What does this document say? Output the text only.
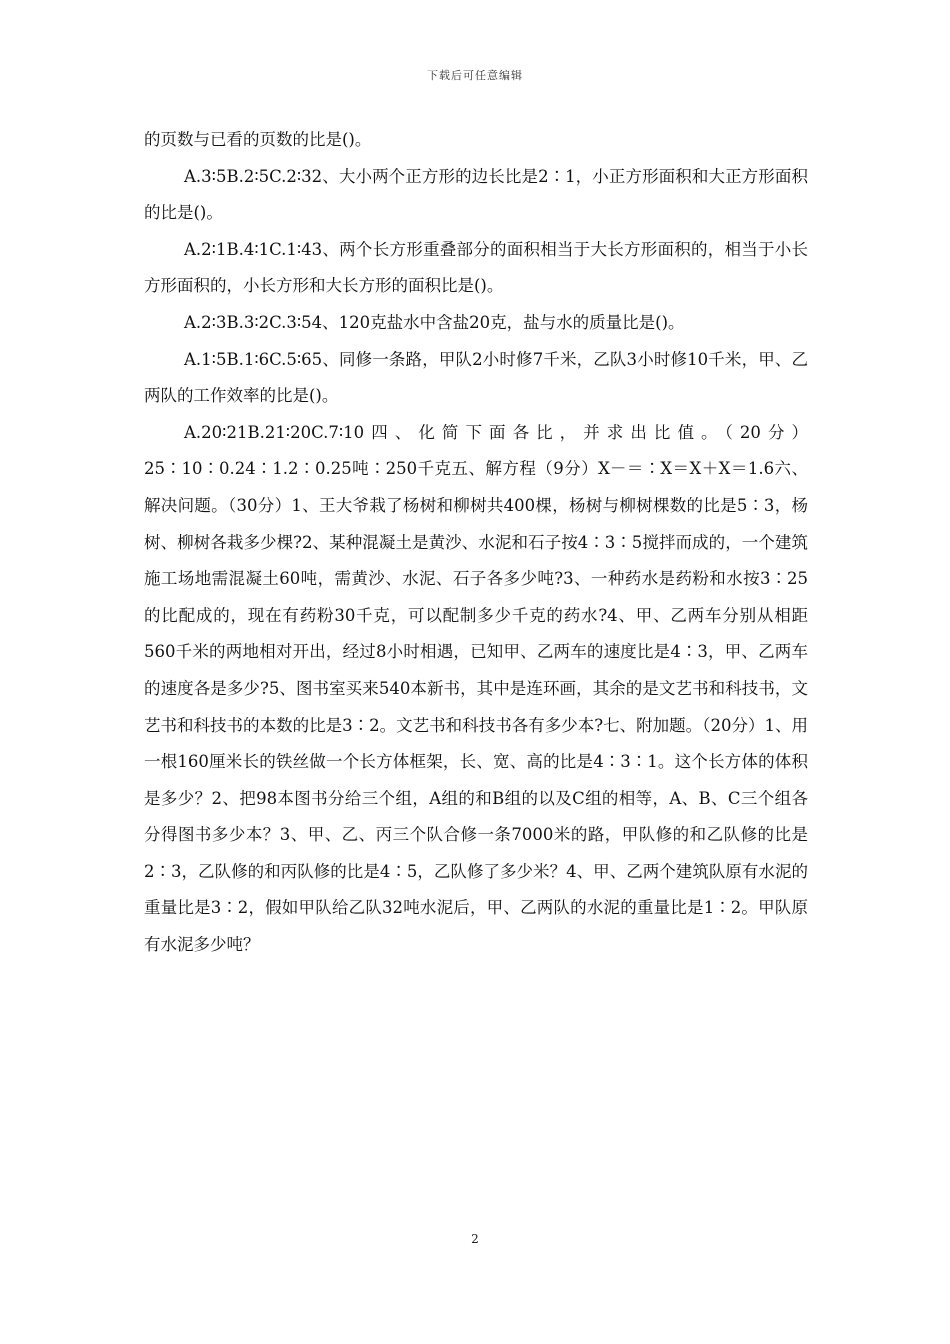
下载后可任意编辑

的页数与已看的页数的比是()。

A.3∶5B.2∶5C.2∶32、大小两个正方形的边长比是2∶1，小正方形面积和大正方形面积的比是()。

A.2∶1B.4∶1C.1∶43、两个长方形重叠部分的面积相当于大长方形面积的，相当于小长方形面积的，小长方形和大长方形的面积比是()。

A.2∶3B.3∶2C.3∶54、120克盐水中含盐20克，盐与水的质量比是()。

A.1∶5B.1∶6C.5∶65、同修一条路，甲队2小时修7千米，乙队3小时修10千米，甲、乙两队的工作效率的比是()。

A.20∶21B.21∶20C.7∶10四、化简下面各比，并求出比值。（20分）25∶10∶0.24∶1.2∶0.25吨∶250千克五、解方程（9分）X－＝∶X＝X＋X＝1.6六、解决问题。（30分）1、王大爷栽了杨树和柳树共400棵，杨树与柳树棵数的比是5∶3，杨树、柳树各栽多少棵?2、某种混凝土是黄沙、水泥和石子按4∶3∶5搅拌而成的，一个建筑施工场地需混凝土60吨，需黄沙、水泥、石子各多少吨?3、一种药水是药粉和水按3∶25的比配成的，现在有药粉30千克，可以配制多少千克的药水?4、甲、乙两车分别从相距560千米的两地相对开出，经过8小时相遇，已知甲、乙两车的速度比是4∶3，甲、乙两车的速度各是多少?5、图书室买来540本新书，其中是连环画，其余的是文艺书和科技书，文艺书和科技书的本数的比是3∶2。文艺书和科技书各有多少本?七、附加题。（20分）1、用一根160厘米长的铁丝做一个长方体框架，长、宽、高的比是4∶3∶1。这个长方体的体积是多少？2、把98本图书分给三个组，A组的和B组的以及C组的相等，A、B、C三个组各分得图书多少本？3、甲、乙、丙三个队合修一条7000米的路，甲队修的和乙队修的比是2∶3，乙队修的和丙队修的比是4∶5，乙队修了多少米？4、甲、乙两个建筑队原有水泥的重量比是3∶2，假如甲队给乙队32吨水泥后，甲、乙两队的水泥的重量比是1∶2。甲队原有水泥多少吨？

2
